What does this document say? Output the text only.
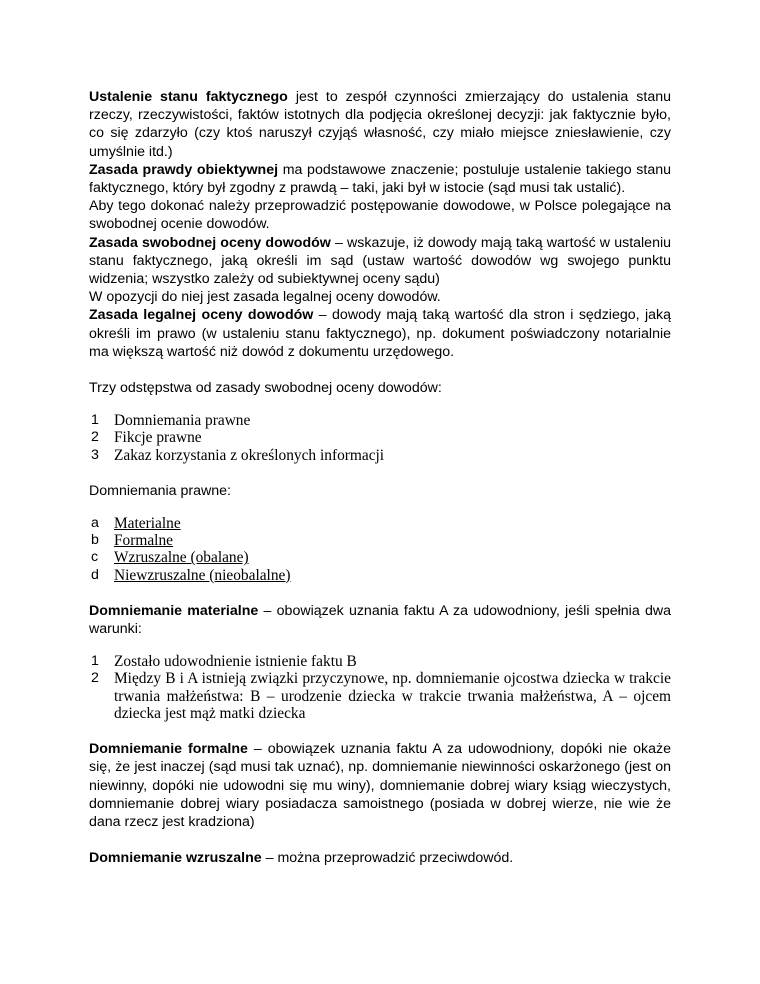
Ustalenie stanu faktycznego jest to zespół czynności zmierzający do ustalenia stanu rzeczy, rzeczywistości, faktów istotnych dla podjęcia określonej decyzji: jak faktycznie było, co się zdarzyło (czy ktoś naruszył czyjąś własność, czy miało miejsce zniesławienie, czy umyślnie itd.)

Zasada prawdy obiektywnej ma podstawowe znaczenie; postuluje ustalenie takiego stanu faktycznego, który był zgodny z prawdą – taki, jaki był w istocie (sąd musi tak ustalić).

Aby tego dokonać należy przeprowadzić postępowanie dowodowe, w Polsce polegające na swobodnej ocenie dowodów.

Zasada swobodnej oceny dowodów – wskazuje, iż dowody mają taką wartość w ustaleniu stanu faktycznego, jaką określi im sąd (ustaw wartość dowodów wg swojego punktu widzenia; wszystko zależy od subiektywnej oceny sądu)

W opozycji do niej jest zasada legalnej oceny dowodów.

Zasada legalnej oceny dowodów – dowody mają taką wartość dla stron i sędziego, jaką określi im prawo (w ustaleniu stanu faktycznego), np. dokument poświadczony notarialnie ma większą wartość niż dowód z dokumentu urzędowego.

Trzy odstępstwa od zasady swobodnej oceny dowodów:

1 Domniemania prawne
2 Fikcje prawne
3 Zakaz korzystania z określonych informacji

Domniemania prawne:

a Materialne
b Formalne
c	Wzruszalne (obalane)
d Niewzruszalne (nieobalalne)

Domniemanie materialne – obowiązek uznania faktu A za udowodniony, jeśli spełnia dwa warunki:

1 Zostało udowodnienie istnienie faktu B
2 Między B i A istnieją związki przyczynowe, np. domniemanie ojcostwa dziecka w trakcie trwania małżeństwa: B – urodzenie dziecka w trakcie trwania małżeństwa, A – ojcem dziecka jest mąż matki dziecka

Domniemanie formalne – obowiązek uznania faktu A za udowodniony, dopóki nie okaże się, że jest inaczej (sąd musi tak uznać), np. domniemanie niewinności oskarżonego (jest on niewinny, dopóki nie udowodni się mu winy), domniemanie dobrej wiary ksiąg wieczystych, domniemanie dobrej wiary posiadacza samoistnego (posiada w dobrej wierze, nie wie że dana rzecz jest kradziona)

Domniemanie wzruszalne – można przeprowadzić przeciwdowód.
